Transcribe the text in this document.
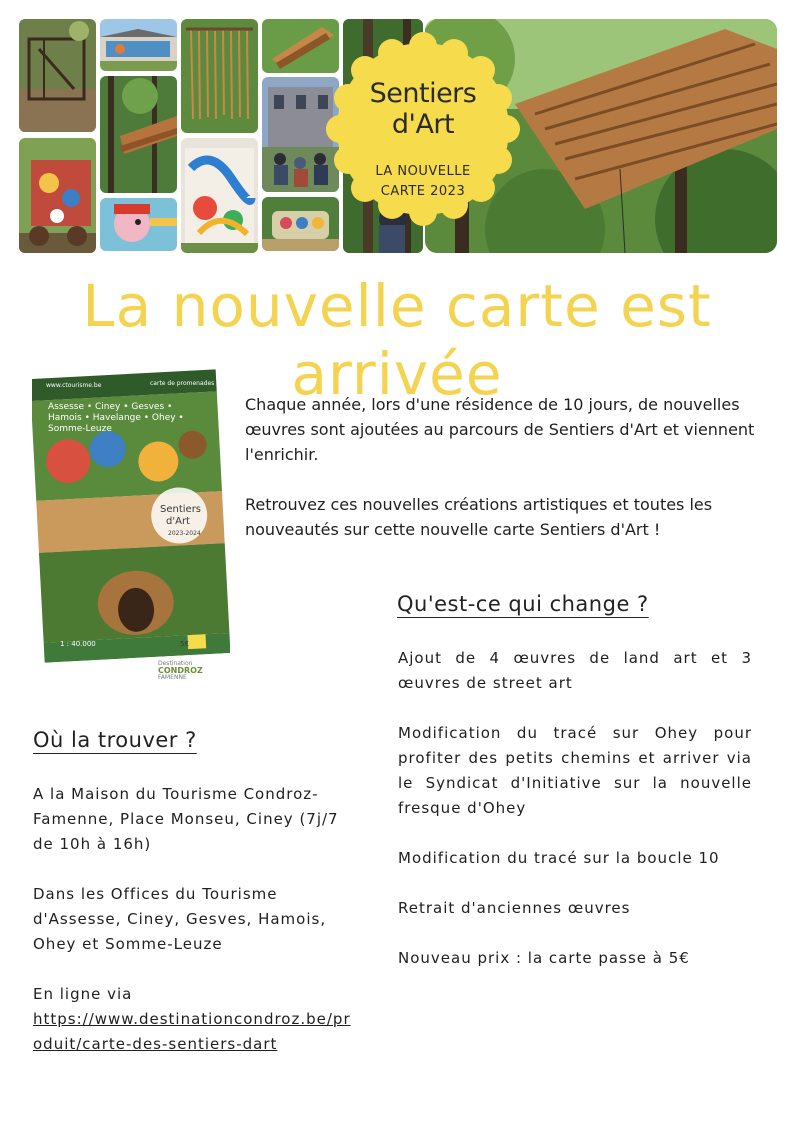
Sentiers
d'Art
LA NOUVELLE
CARTE 2023
La nouvelle carte est arrivée
www.ctourisme.be	carte de promenades
Assesse • Ciney • Gesves • Hamois • Havelange • Ohey • Somme-Leuze
Sentiers
d'Art
2023-2024
1 : 40.000	5€
Destination
CONDROZ
FAMENNE

Chaque année, lors d'une résidence de 10 jours, de nouvelles œuvres sont ajoutées au parcours de Sentiers d'Art et viennent l'enrichir.

Retrouvez ces nouvelles créations artistiques et toutes les nouveautés sur cette nouvelle carte Sentiers d'Art !

Qu'est-ce qui change ?

Ajout de 4 œuvres de land art et 3 œuvres de street art

Modification du tracé sur Ohey pour profiter des petits chemins et arriver via le Syndicat d'Initiative sur la nouvelle fresque d'Ohey

Modification du tracé sur la boucle 10

Retrait d'anciennes œuvres

Nouveau prix : la carte passe à 5€

Où la trouver ?

A la Maison du Tourisme Condroz-Famenne, Place Monseu, Ciney (7j/7 de 10h à 16h)

Dans les Offices du Tourisme d'Assesse, Ciney, Gesves, Hamois, Ohey et Somme-Leuze

En ligne via
https://www.destinationcondroz.be/produit/carte-des-sentiers-dart
